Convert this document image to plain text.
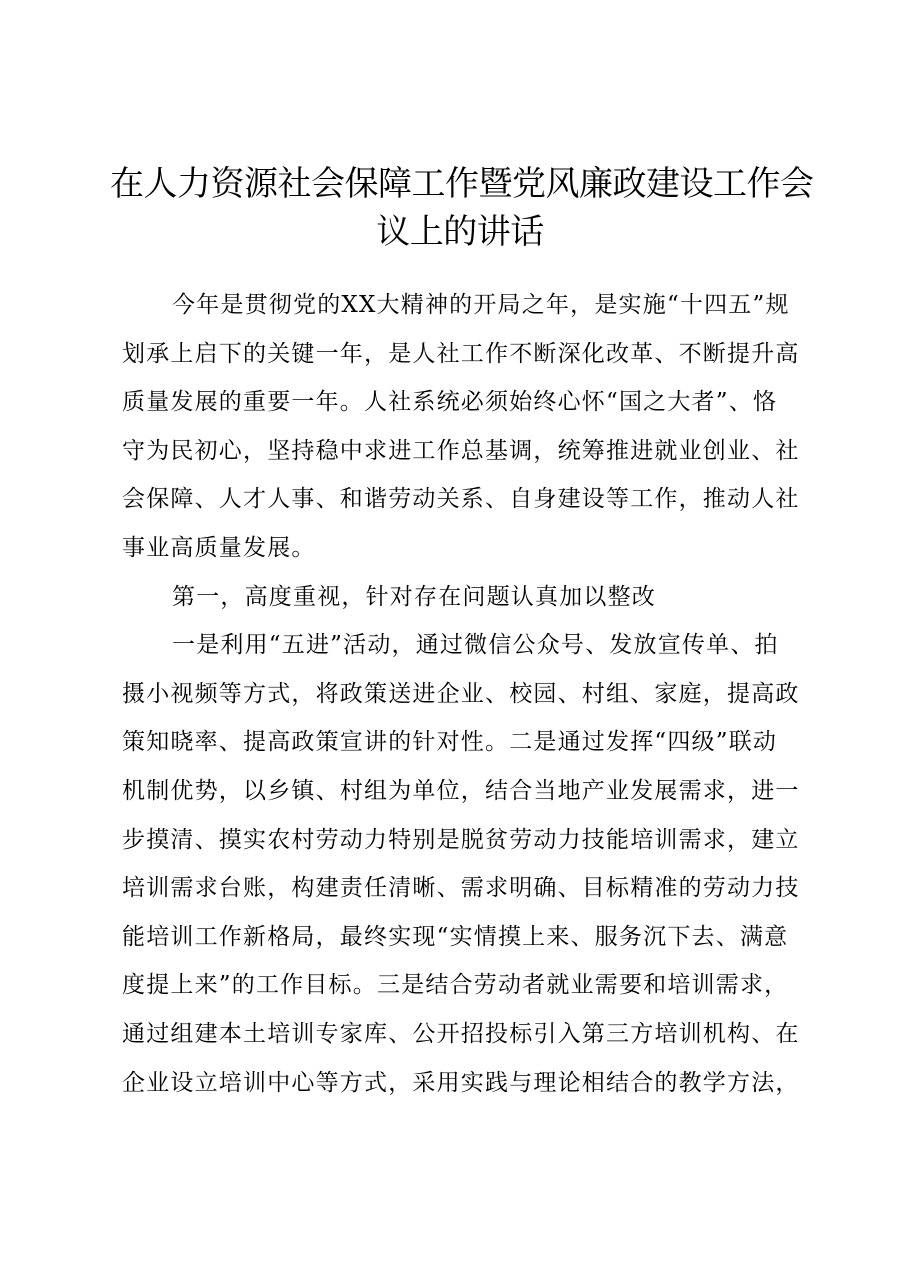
在人力资源社会保障工作暨党风廉政建设工作会
议上的讲话
今年是贯彻党的XX大精神的开局之年，是实施“十四五”规
划承上启下的关键一年，是人社工作不断深化改革、不断提升高
质量发展的重要一年。人社系统必须始终心怀“国之大者”、恪
守为民初心，坚持稳中求进工作总基调，统筹推进就业创业、社
会保障、人才人事、和谐劳动关系、自身建设等工作，推动人社
事业高质量发展。
第一，高度重视，针对存在问题认真加以整改
一是利用“五进”活动，通过微信公众号、发放宣传单、拍
摄小视频等方式，将政策送进企业、校园、村组、家庭，提高政
策知晓率、提高政策宣讲的针对性。二是通过发挥“四级”联动
机制优势，以乡镇、村组为单位，结合当地产业发展需求，进一
步摸清、摸实农村劳动力特别是脱贫劳动力技能培训需求，建立
培训需求台账，构建责任清晰、需求明确、目标精准的劳动力技
能培训工作新格局，最终实现“实情摸上来、服务沉下去、满意
度提上来”的工作目标。三是结合劳动者就业需要和培训需求，
通过组建本土培训专家库、公开招投标引入第三方培训机构、在
企业设立培训中心等方式，采用实践与理论相结合的教学方法，
